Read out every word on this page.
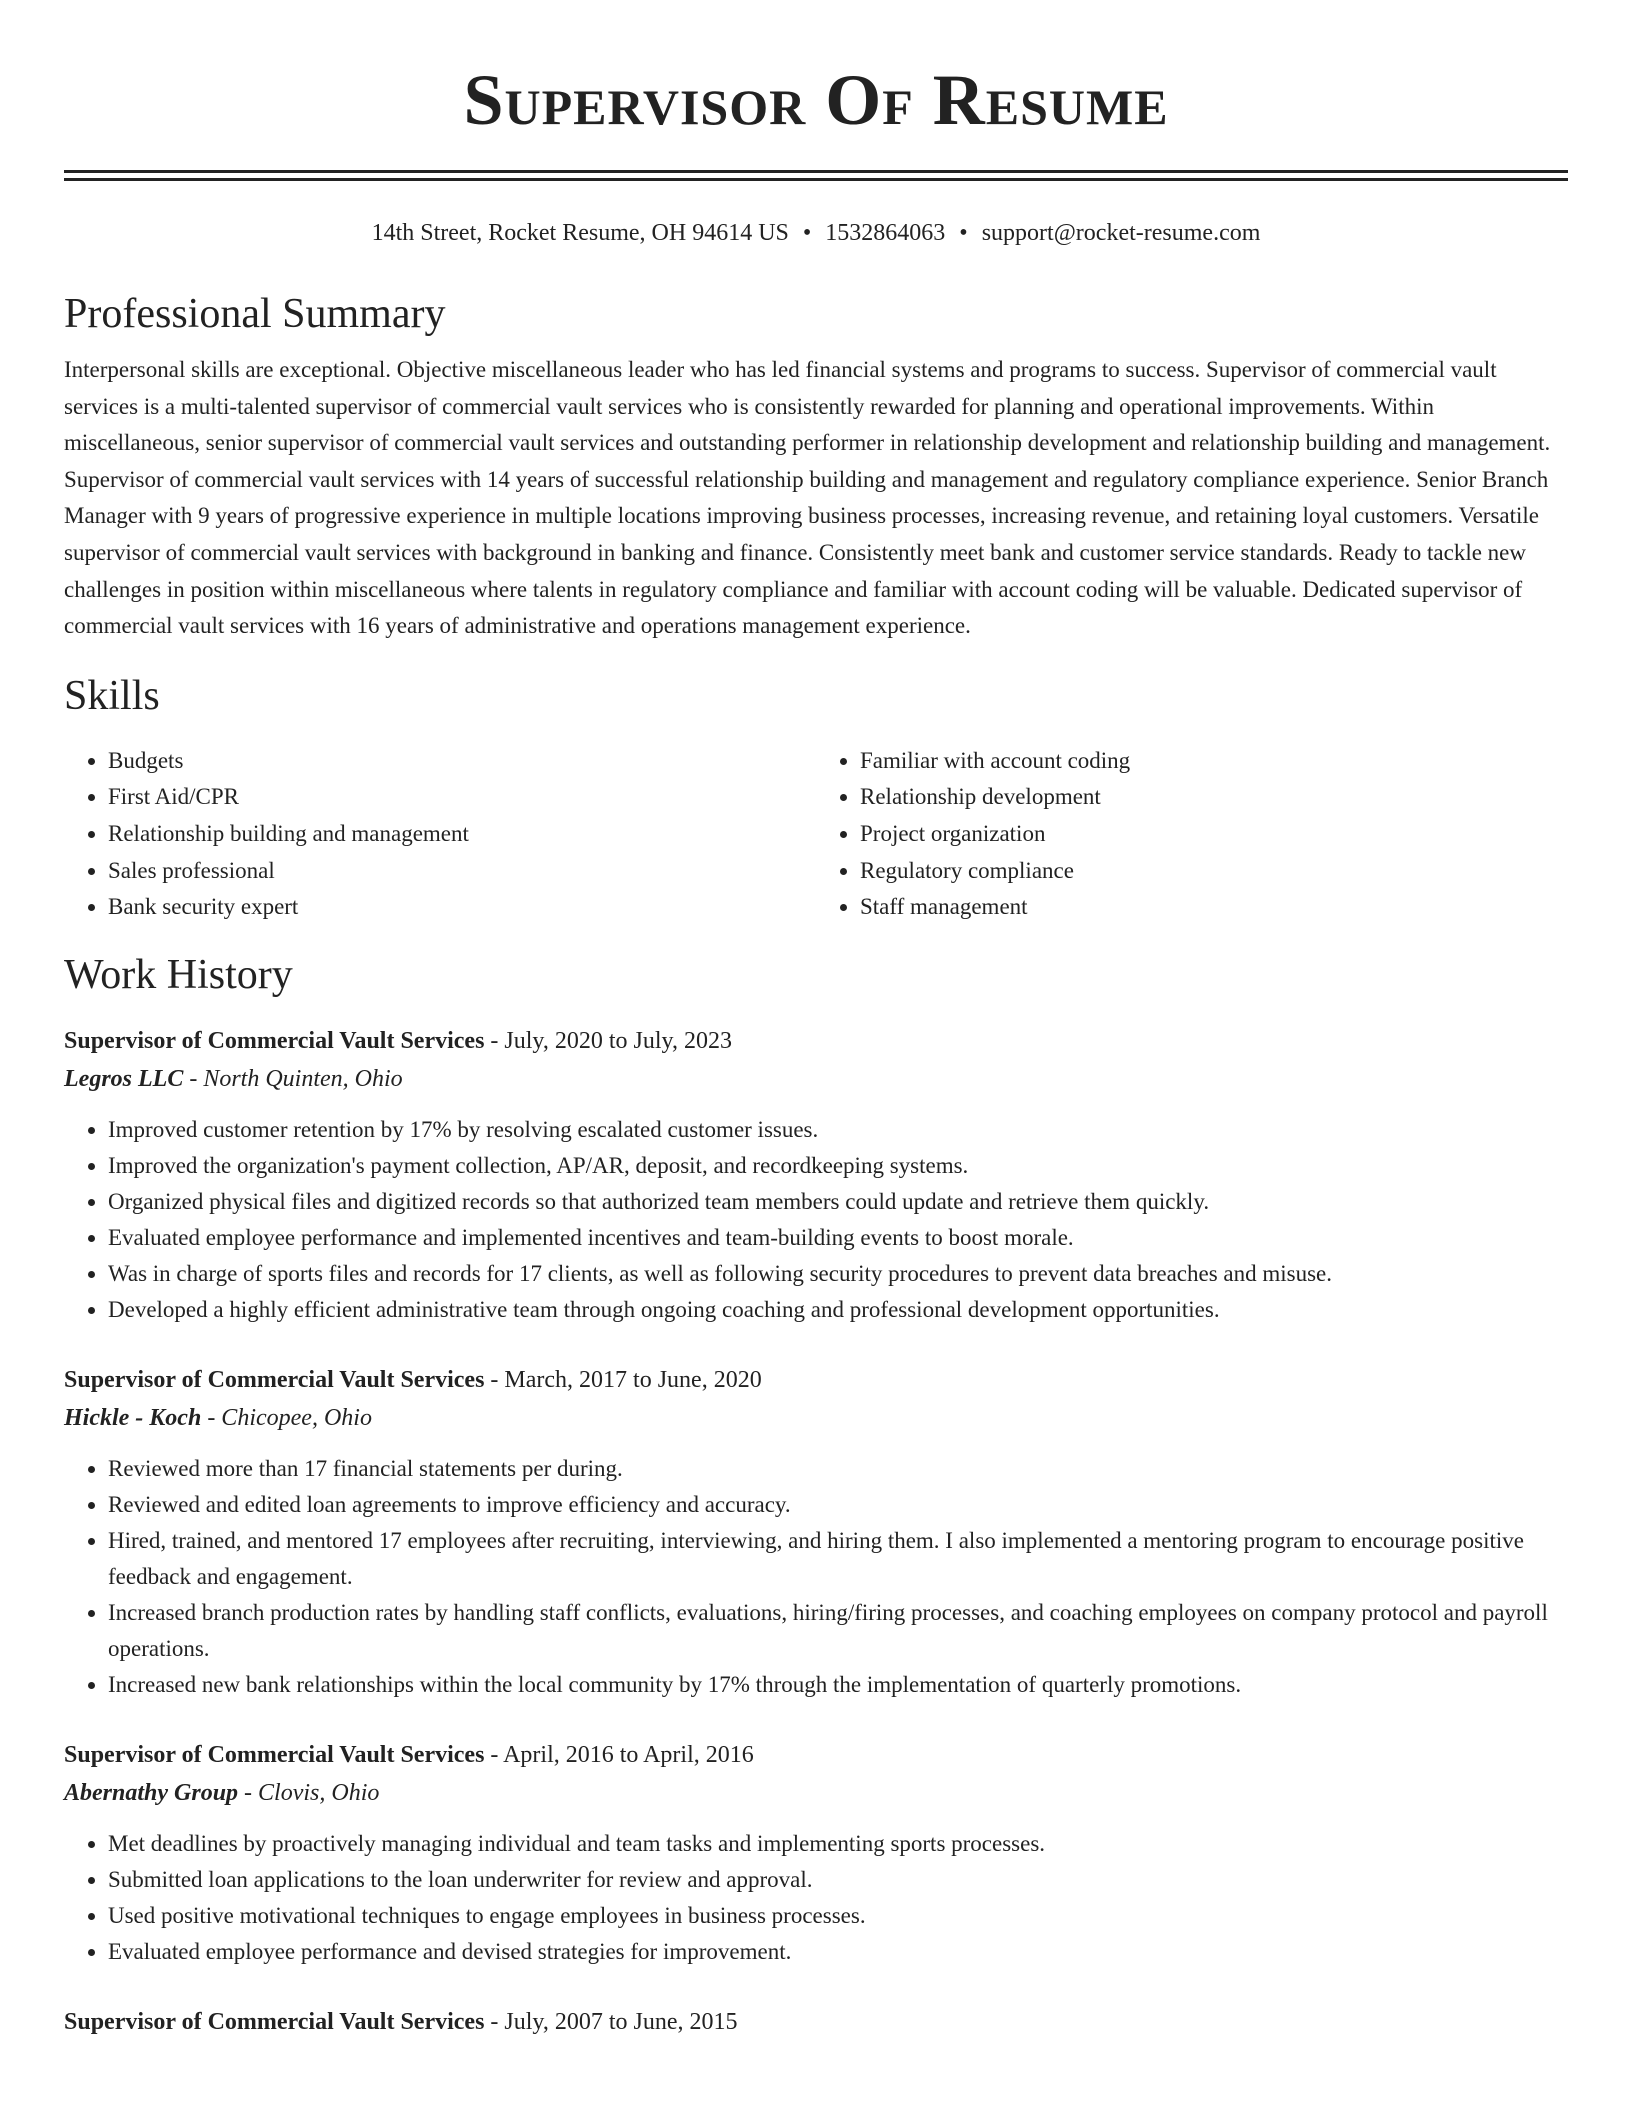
Supervisor Of Resume
14th Street, Rocket Resume, OH 94614 US • 1532864063 • support@rocket-resume.com
Professional Summary

Interpersonal skills are exceptional. Objective miscellaneous leader who has led financial systems and programs to success. Supervisor of commercial vault services is a multi-talented supervisor of commercial vault services who is consistently rewarded for planning and operational improvements. Within miscellaneous, senior supervisor of commercial vault services and outstanding performer in relationship development and relationship building and management. Supervisor of commercial vault services with 14 years of successful relationship building and management and regulatory compliance experience. Senior Branch Manager with 9 years of progressive experience in multiple locations improving business processes, increasing revenue, and retaining loyal customers. Versatile supervisor of commercial vault services with background in banking and finance. Consistently meet bank and customer service standards. Ready to tackle new challenges in position within miscellaneous where talents in regulatory compliance and familiar with account coding will be valuable. Dedicated supervisor of commercial vault services with 16 years of administrative and operations management experience.

Skills
• Budgets
• First Aid/CPR
• Relationship building and management
• Sales professional
• Bank security expert
• Familiar with account coding
• Relationship development
• Project organization
• Regulatory compliance
• Staff management
Work History
Supervisor of Commercial Vault Services - July, 2020 to July, 2023
Legros LLC - North Quinten, Ohio
• Improved customer retention by 17% by resolving escalated customer issues.
• Improved the organization's payment collection, AP/AR, deposit, and recordkeeping systems.
• Organized physical files and digitized records so that authorized team members could update and retrieve them quickly.
• Evaluated employee performance and implemented incentives and team-building events to boost morale.
• Was in charge of sports files and records for 17 clients, as well as following security procedures to prevent data breaches and misuse.
• Developed a highly efficient administrative team through ongoing coaching and professional development opportunities.
Supervisor of Commercial Vault Services - March, 2017 to June, 2020
Hickle - Koch - Chicopee, Ohio
• Reviewed more than 17 financial statements per during.
• Reviewed and edited loan agreements to improve efficiency and accuracy.
• Hired, trained, and mentored 17 employees after recruiting, interviewing, and hiring them. I also implemented a mentoring program to encourage positive feedback and engagement.
• Increased branch production rates by handling staff conflicts, evaluations, hiring/firing processes, and coaching employees on company protocol and payroll operations.
• Increased new bank relationships within the local community by 17% through the implementation of quarterly promotions.
Supervisor of Commercial Vault Services - April, 2016 to April, 2016
Abernathy Group - Clovis, Ohio
• Met deadlines by proactively managing individual and team tasks and implementing sports processes.
• Submitted loan applications to the loan underwriter for review and approval.
• Used positive motivational techniques to engage employees in business processes.
• Evaluated employee performance and devised strategies for improvement.
Supervisor of Commercial Vault Services - July, 2007 to June, 2015
